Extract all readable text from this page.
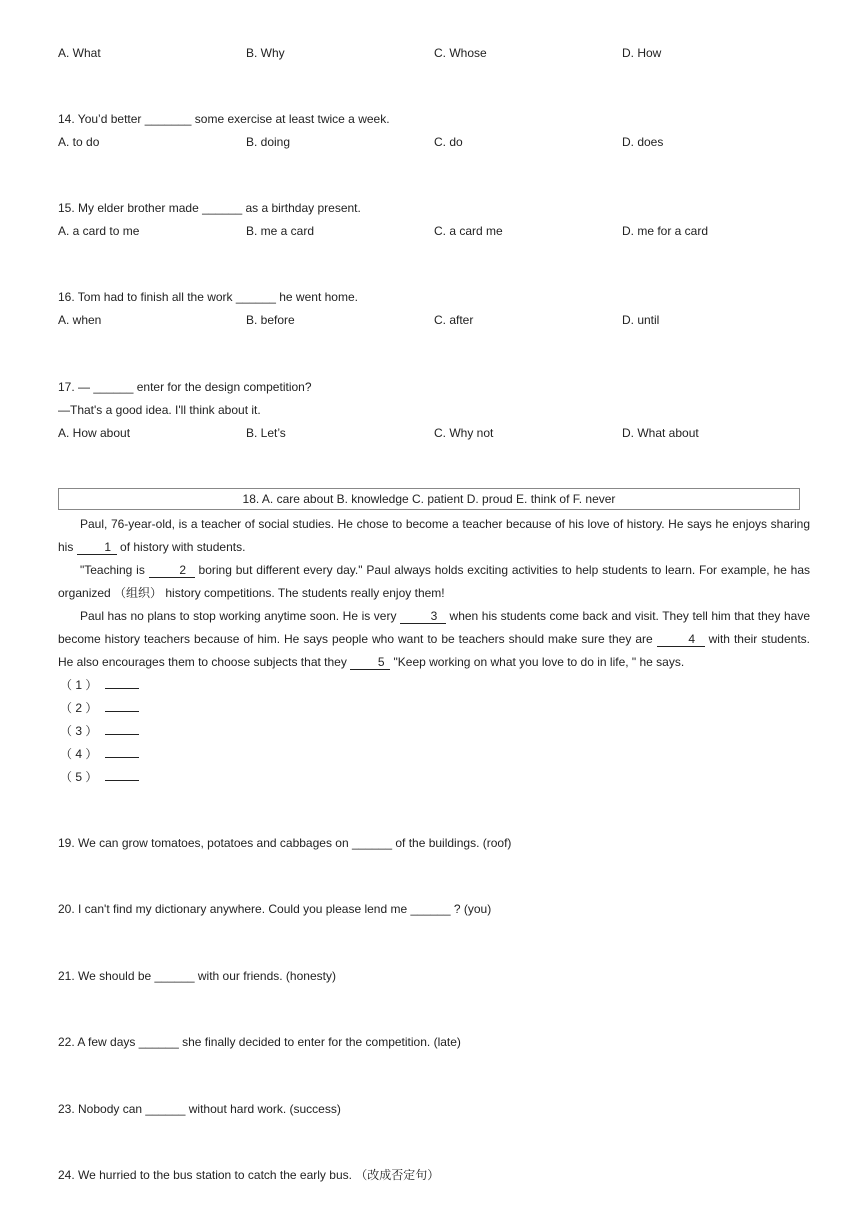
A. What	B. Why	C. Whose	D. How
14. You’d better _______ some exercise at least twice a week.
A. to do	B. doing	C. do	D. does
15. My elder brother made ______ as a birthday present.
A. a card to me	B. me a card	C. a card me	D. me for a card
16. Tom had to finish all the work ______ he went home.
A. when	B. before	C. after	D. until
17. — ______ enter for the design competition?
—That's a good idea. I'll think about it.
A. How about	B. Let’s	C. Why not	D. What about
18. A. care about B. knowledge C. patient D. proud E. think of F. never

Paul, 76-year-old, is a teacher of social studies. He chose to become a teacher because of his love of history. He says he enjoys sharing his 1 of history with students.

"Teaching is	2 boring but different every day." Paul always holds exciting activities to help students to learn. For example, he has organized （组织） history competitions. The students really enjoy them!

Paul has no plans to stop working anytime soon. He is very	3 when his students come back and visit. They tell him that they have become history teachers because of him. He says people who want to be teachers should make sure they are	4 with their students. He also encourages them to choose subjects that they 5 "Keep working on what you love to do in life, " he says.

（ 1 ）
（ 2 ）
（ 3 ）
（ 4 ）
（ 5 ）
19. We can grow tomatoes, potatoes and cabbages on ______ of the buildings. (roof)
20. I can't find my dictionary anywhere. Could you please lend me ______ ? (you)
21. We should be ______ with our friends. (honesty)
22. A few days ______ she finally decided to enter for the competition. (late)
23. Nobody can ______ without hard work. (success)
24. We hurried to the bus station to catch the early bus. （改成否定句）
